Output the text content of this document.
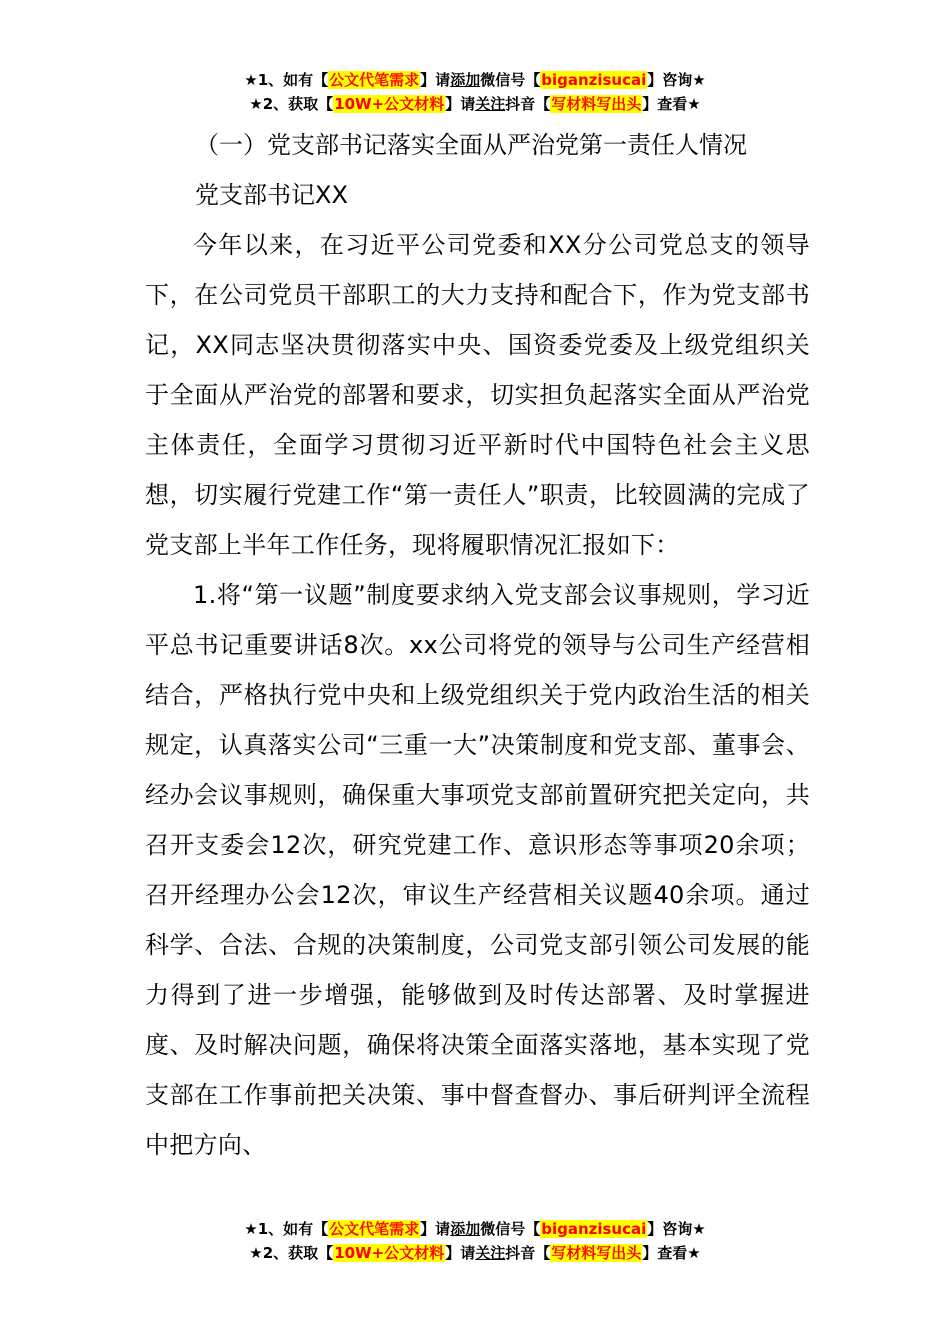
★1、如有【公文代笔需求】请添加微信号【biganzisucai】咨询★
★2、获取【10W+公文材料】请关注抖音【写材料写出头】查看★
（一）党支部书记落实全面从严治党第一责任人情况
党支部书记XX

今年以来，在习近平公司党委和XX分公司党总支的领导下，在公司党员干部职工的大力支持和配合下，作为党支部书记，XX同志坚决贯彻落实中央、国资委党委及上级党组织关于全面从严治党的部署和要求，切实担负起落实全面从严治党主体责任，全面学习贯彻习近平新时代中国特色社会主义思想，切实履行党建工作“第一责任人”职责，比较圆满的完成了党支部上半年工作任务，现将履职情况汇报如下：

1.将“第一议题”制度要求纳入党支部会议事规则，学习近平总书记重要讲话8次。xx公司将党的领导与公司生产经营相结合，严格执行党中央和上级党组织关于党内政治生活的相关规定，认真落实公司“三重一大”决策制度和党支部、董事会、经办会议事规则，确保重大事项党支部前置研究把关定向，共召开支委会12次，研究党建工作、意识形态等事项20余项；召开经理办公会12次，审议生产经营相关议题40余项。通过科学、合法、合规的决策制度，公司党支部引领公司发展的能力得到了进一步增强，能够做到及时传达部署、及时掌握进度、及时解决问题，确保将决策全面落实落地，基本实现了党支部在工作事前把关决策、事中督查督办、事后研判评全流程中把方向、

★1、如有【公文代笔需求】请添加微信号【biganzisucai】咨询★
★2、获取【10W+公文材料】请关注抖音【写材料写出头】查看★
